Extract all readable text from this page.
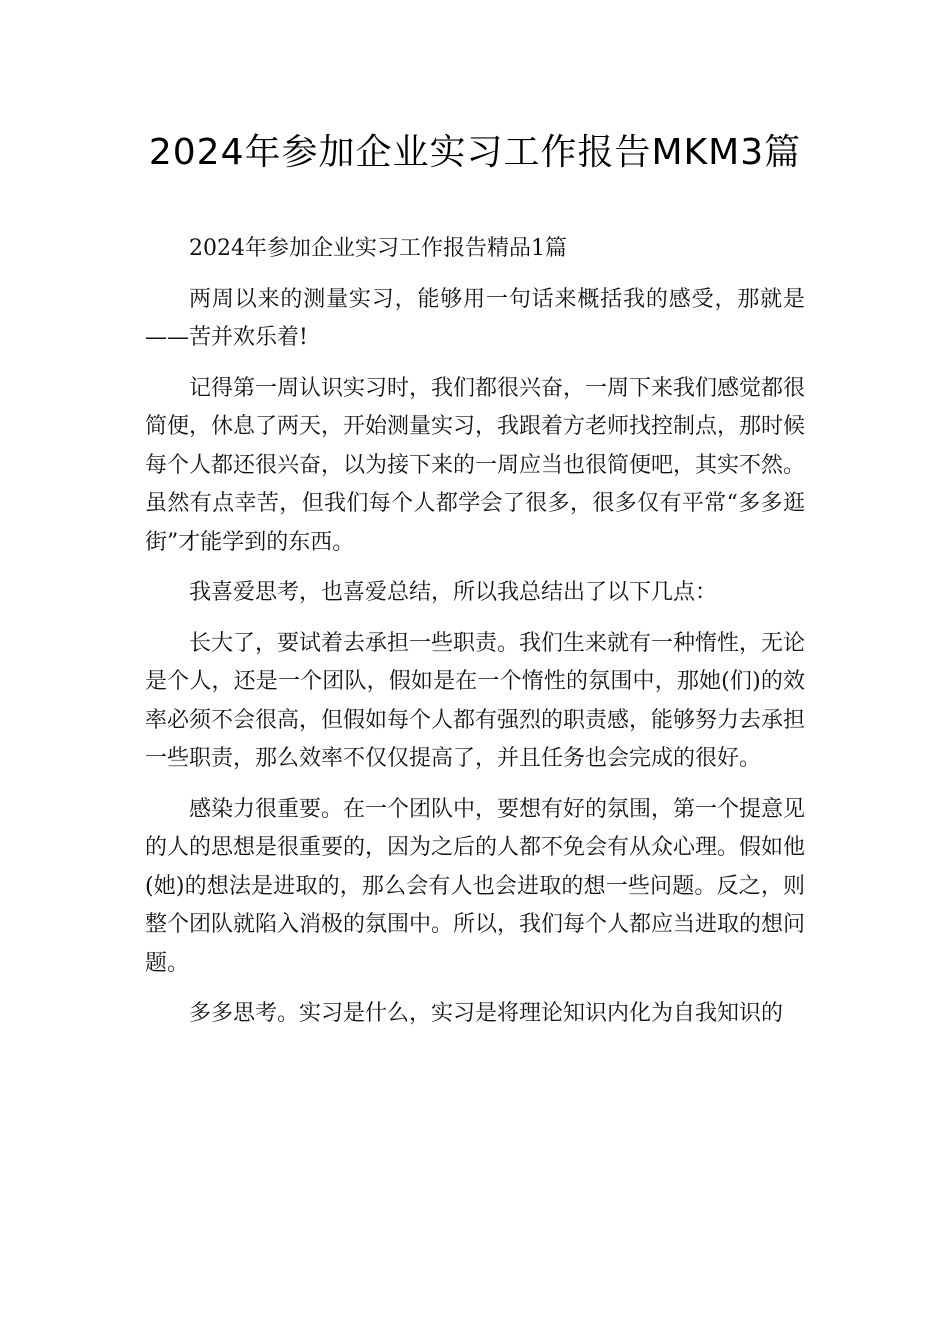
2024年参加企业实习工作报告MKM3篇

2024年参加企业实习工作报告精品1篇

两周以来的测量实习，能够用一句话来概括我的感受，那就是——苦并欢乐着!

记得第一周认识实习时，我们都很兴奋，一周下来我们感觉都很简便，休息了两天，开始测量实习，我跟着方老师找控制点，那时候每个人都还很兴奋，以为接下来的一周应当也很简便吧，其实不然。虽然有点幸苦，但我们每个人都学会了很多，很多仅有平常“多多逛街”才能学到的东西。

我喜爱思考，也喜爱总结，所以我总结出了以下几点：

长大了，要试着去承担一些职责。我们生来就有一种惰性，无论是个人，还是一个团队，假如是在一个惰性的氛围中，那她(们)的效率必须不会很高，但假如每个人都有强烈的职责感，能够努力去承担一些职责，那么效率不仅仅提高了，并且任务也会完成的很好。

感染力很重要。在一个团队中，要想有好的氛围，第一个提意见的人的思想是很重要的，因为之后的人都不免会有从众心理。假如他(她)的想法是进取的，那么会有人也会进取的想一些问题。反之，则整个团队就陷入消极的氛围中。所以，我们每个人都应当进取的想问题。

多多思考。实习是什么，实习是将理论知识内化为自我知识的
